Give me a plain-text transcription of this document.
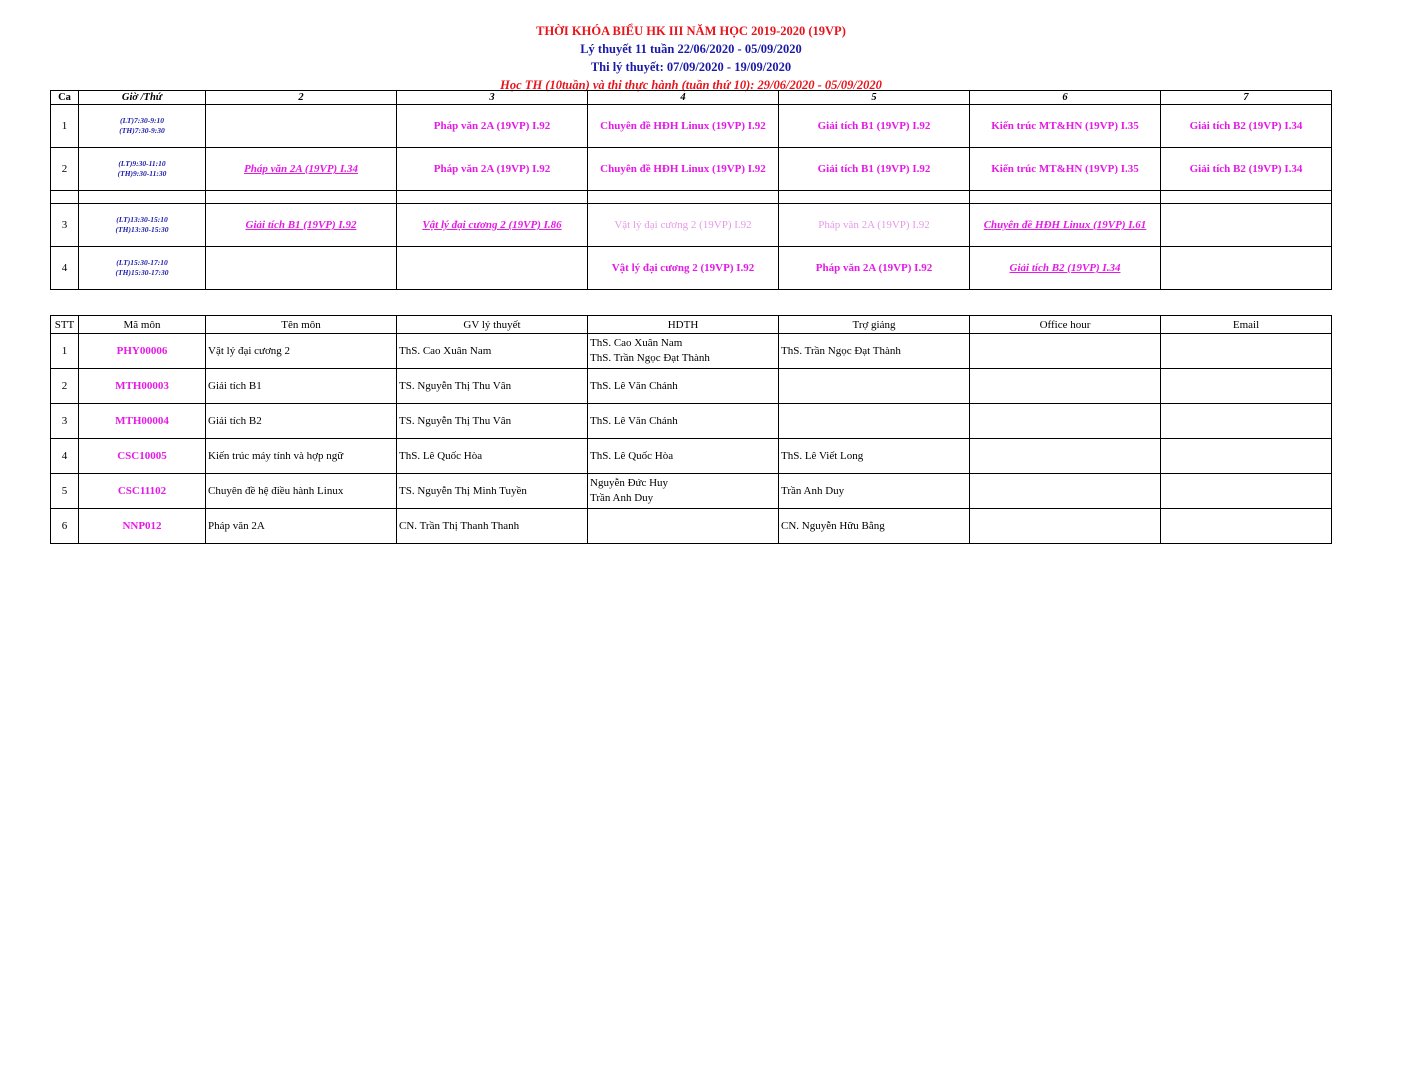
THỜI KHÓA BIỂU HK III NĂM HỌC 2019-2020 (19VP)
Lý thuyết 11 tuần 22/06/2020 - 05/09/2020
Thi lý thuyết: 07/09/2020 - 19/09/2020
Học TH (10tuần) và thi thực hành (tuần thứ 10): 29/06/2020 - 05/09/2020
Ca	Giờ /Thứ	2	3	4	5	6	7
1	(LT)7:30-9:10
(TH)7:30-9:30		Pháp văn 2A (19VP) I.92	Chuyên đề HĐH Linux (19VP) I.92	Giải tích B1 (19VP) I.92	Kiến trúc MT&HN (19VP) I.35	Giải tích B2 (19VP) I.34
2	(LT)9:30-11:10
(TH)9:30-11:30	Pháp văn 2A (19VP) I.34	Pháp văn 2A (19VP) I.92	Chuyên đề HĐH Linux (19VP) I.92	Giải tích B1 (19VP) I.92	Kiến trúc MT&HN (19VP) I.35	Giải tích B2 (19VP) I.34

3	(LT)13:30-15:10
(TH)13:30-15:30	Giải tích B1 (19VP) I.92	Vật lý đại cương 2 (19VP) I.86	Vật lý đại cương 2 (19VP) I.92	Pháp văn 2A (19VP) I.92	Chuyên đề HĐH Linux (19VP) I.61	
4	(LT)15:30-17:10
(TH)15:30-17:30			Vật lý đại cương 2 (19VP) I.92	Pháp văn 2A (19VP) I.92	Giải tích B2 (19VP) I.34	
STT	Mã môn	Tên môn	GV lý thuyết	HDTH	Trợ giảng	Office hour	Email
1	PHY00006	Vật lý đại cương 2	ThS. Cao Xuân Nam	ThS. Cao Xuân Nam
ThS. Trần Ngọc Đạt Thành	ThS. Trần Ngọc Đạt Thành		
2	MTH00003	Giải tích B1	TS. Nguyễn Thị Thu Vân	ThS. Lê Văn Chánh			

3	MTH00004	Giải tích B2	TS. Nguyễn Thị Thu Vân	ThS. Lê Văn Chánh			

4	CSC10005	Kiến trúc máy tính và hợp ngữ	ThS. Lê Quốc Hòa	ThS. Lê Quốc Hòa	ThS. Lê Viết Long		
5	CSC11102	Chuyên đề hệ điều hành Linux	TS. Nguyễn Thị Minh Tuyền	Nguyễn Đức Huy
Trần Anh Duy	Trần Anh Duy		
6	NNP012	Pháp văn 2A	CN. Trần Thị Thanh Thanh		CN. Nguyễn Hữu Bằng		
